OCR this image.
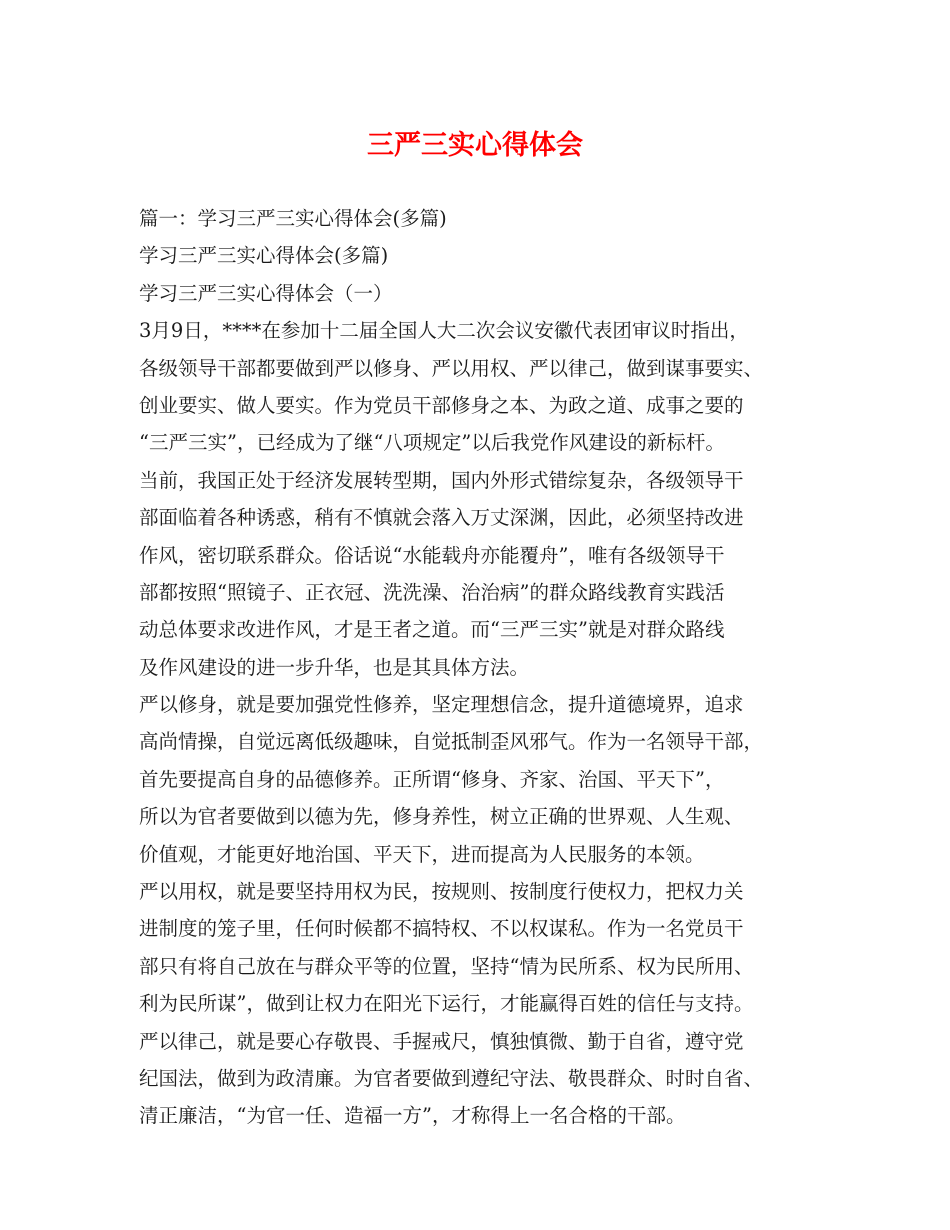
三严三实心得体会
篇一：学习三严三实心得体会(多篇)
学习三严三实心得体会(多篇)
学习三严三实心得体会（一）
3月9日，****在参加十二届全国人大二次会议安徽代表团审议时指出，
各级领导干部都要做到严以修身、严以用权、严以律己，做到谋事要实、
创业要实、做人要实。作为党员干部修身之本、为政之道、成事之要的
“三严三实”，已经成为了继“八项规定”以后我党作风建设的新标杆。
当前，我国正处于经济发展转型期，国内外形式错综复杂，各级领导干
部面临着各种诱惑，稍有不慎就会落入万丈深渊，因此，必须坚持改进
作风，密切联系群众。俗话说“水能载舟亦能覆舟”，唯有各级领导干
部都按照“照镜子、正衣冠、洗洗澡、治治病”的群众路线教育实践活
动总体要求改进作风，才是王者之道。而“三严三实”就是对群众路线
及作风建设的进一步升华，也是其具体方法。
严以修身，就是要加强党性修养，坚定理想信念，提升道德境界，追求
高尚情操，自觉远离低级趣味，自觉抵制歪风邪气。作为一名领导干部，
首先要提高自身的品德修养。正所谓“修身、齐家、治国、平天下”，
所以为官者要做到以德为先，修身养性，树立正确的世界观、人生观、
价值观，才能更好地治国、平天下，进而提高为人民服务的本领。
严以用权，就是要坚持用权为民，按规则、按制度行使权力，把权力关
进制度的笼子里，任何时候都不搞特权、不以权谋私。作为一名党员干
部只有将自己放在与群众平等的位置，坚持“情为民所系、权为民所用、
利为民所谋”，做到让权力在阳光下运行，才能赢得百姓的信任与支持。
严以律己，就是要心存敬畏、手握戒尺，慎独慎微、勤于自省，遵守党
纪国法，做到为政清廉。为官者要做到遵纪守法、敬畏群众、时时自省、
清正廉洁，“为官一任、造福一方”，才称得上一名合格的干部。
